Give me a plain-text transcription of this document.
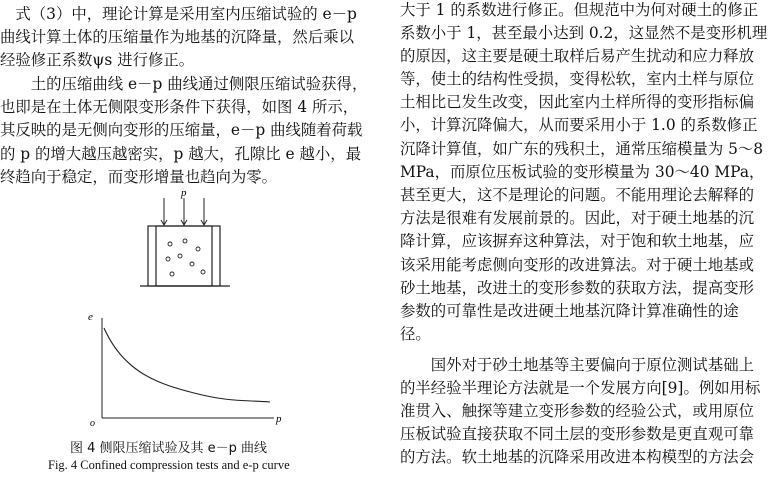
　式（3）中，理论计算是采用室内压缩试验的 e－p
曲线计算土体的压缩量作为地基的沉降量，然后乘以
经验修正系数ψs 进行修正。
　　土的压缩曲线 e－p 曲线通过侧限压缩试验获得，
也即是在土体无侧限变形条件下获得，如图 4 所示，
其反映的是无侧向变形的压缩量，e－p 曲线随着荷载
的 p 的增大越压越密实，p 越大，孔隙比 e 越小，最
终趋向于稳定，而变形增量也趋向为零。
p
e
o	p
图 4 侧限压缩试验及其 e－p 曲线
Fig. 4 Confined compression tests and e-p curve
大于 1 的系数进行修正。但规范中为何对硬土的修正
系数小于 1，甚至最小达到 0.2，这显然不是变形机理
的原因，这主要是硬土取样后易产生扰动和应力释放
等，使土的结构性受损，变得松软，室内土样与原位
土相比已发生改变，因此室内土样所得的变形指标偏
小，计算沉降偏大，从而要采用小于 1.0 的系数修正
沉降计算值，如广东的残积土，通常压缩模量为 5～8
MPa，而原位压板试验的变形模量为 30～40 MPa，
甚至更大，这不是理论的问题。不能用理论去解释的
方法是很难有发展前景的。因此，对于硬土地基的沉
降计算，应该摒弃这种算法，对于饱和软土地基，应
该采用能考虑侧向变形的改进算法。对于硬土地基或
砂土地基，改进土的变形参数的获取方法，提高变形
参数的可靠性是改进硬土地基沉降计算准确性的途
径。
　　国外对于砂土地基等主要偏向于原位测试基础上
的半经验半理论方法就是一个发展方向[9]。例如用标
准贯入、触探等建立变形参数的经验公式，或用原位
压板试验直接获取不同土层的变形参数是更直观可靠
的方法。软土地基的沉降采用改进本构模型的方法会
